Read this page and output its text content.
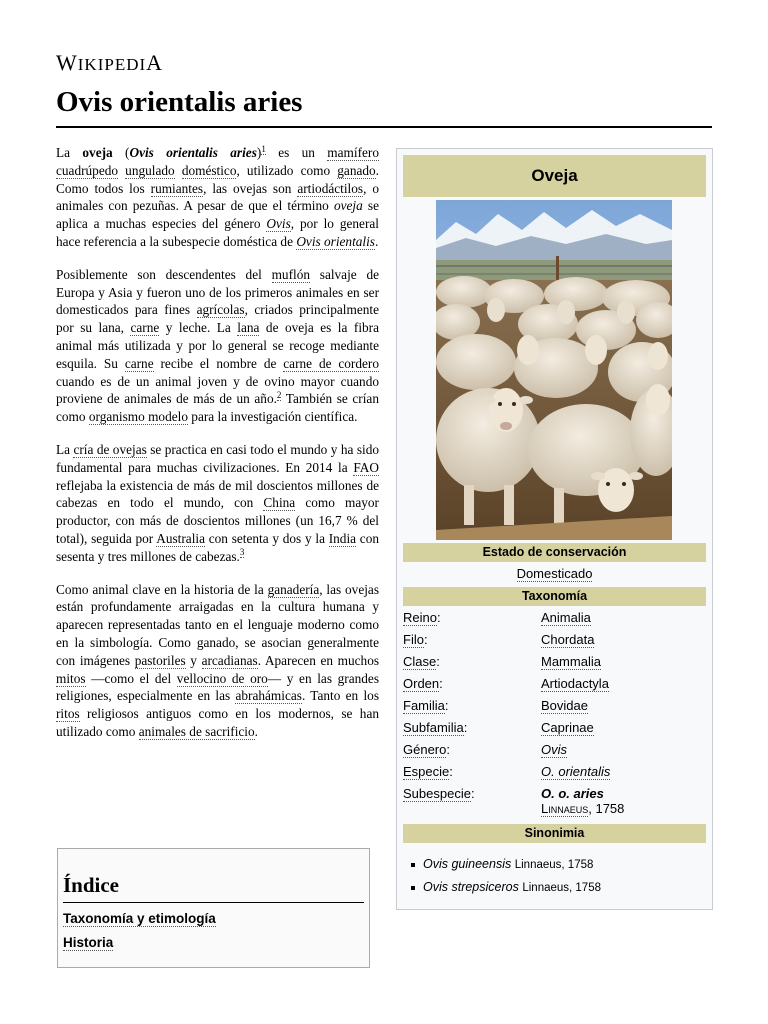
WIKIPEDIA
Ovis orientalis aries

La oveja (Ovis orientalis aries)$^1$ es un mamífero cuadrúpedo ungulado doméstico, utilizado como ganado. Como todos los rumiantes, las ovejas son artiodáctilos, o animales con pezuñas. A pesar de que el término oveja se aplica a muchas especies del género Ovis, por lo general hace referencia a la subespecie doméstica de Ovis orientalis.

Posiblemente son descendentes del muflón salvaje de Europa y Asia y fueron uno de los primeros animales en ser domesticados para fines agrícolas, criados principalmente por su lana, carne y leche. La lana de oveja es la fibra animal más utilizada y por lo general se recoge mediante esquila. Su carne recibe el nombre de carne de cordero cuando es de un animal joven y de ovino mayor cuando proviene de animales de más de un año.$^2$ También se crían como organismo modelo para la investigación científica.

La cría de ovejas se practica en casi todo el mundo y ha sido fundamental para muchas civilizaciones. En 2014 la FAO reflejaba la existencia de más de mil doscientos millones de cabezas en todo el mundo, con China como mayor productor, con más de doscientos millones (un 16,7 % del total), seguida por Australia con setenta y dos y la India con sesenta y tres millones de cabezas.$^3$

Como animal clave en la historia de la ganadería, las ovejas están profundamente arraigadas en la cultura humana y aparecen representadas tanto en el lenguaje moderno como en la simbología. Como ganado, se asocian generalmente con imágenes pastoriles y arcadianas. Aparecen en muchos mitos —como el del vellocino de oro— y en las grandes religiones, especialmente en las abrahámicas. Tanto en los ritos religiosos antiguos como en los modernos, se han utilizado como animales de sacrificio.

Índice
Taxonomía y etimología
Historia
Oveja
Estado de conservación
Domesticado
Taxonomía
Reino:	Animalia
Filo:	Chordata
Clase:	Mammalia
Orden:	Artiodactyla
Familia:	Bovidae
Subfamilia:	Caprinae
Género:	Ovis
Especie:	O. orientalis
Subespecie:	O. o. aries
Linnaeus, 1758
Sinonimia
Ovis guineensis Linnaeus, 1758
Ovis strepsiceros Linnaeus, 1758
